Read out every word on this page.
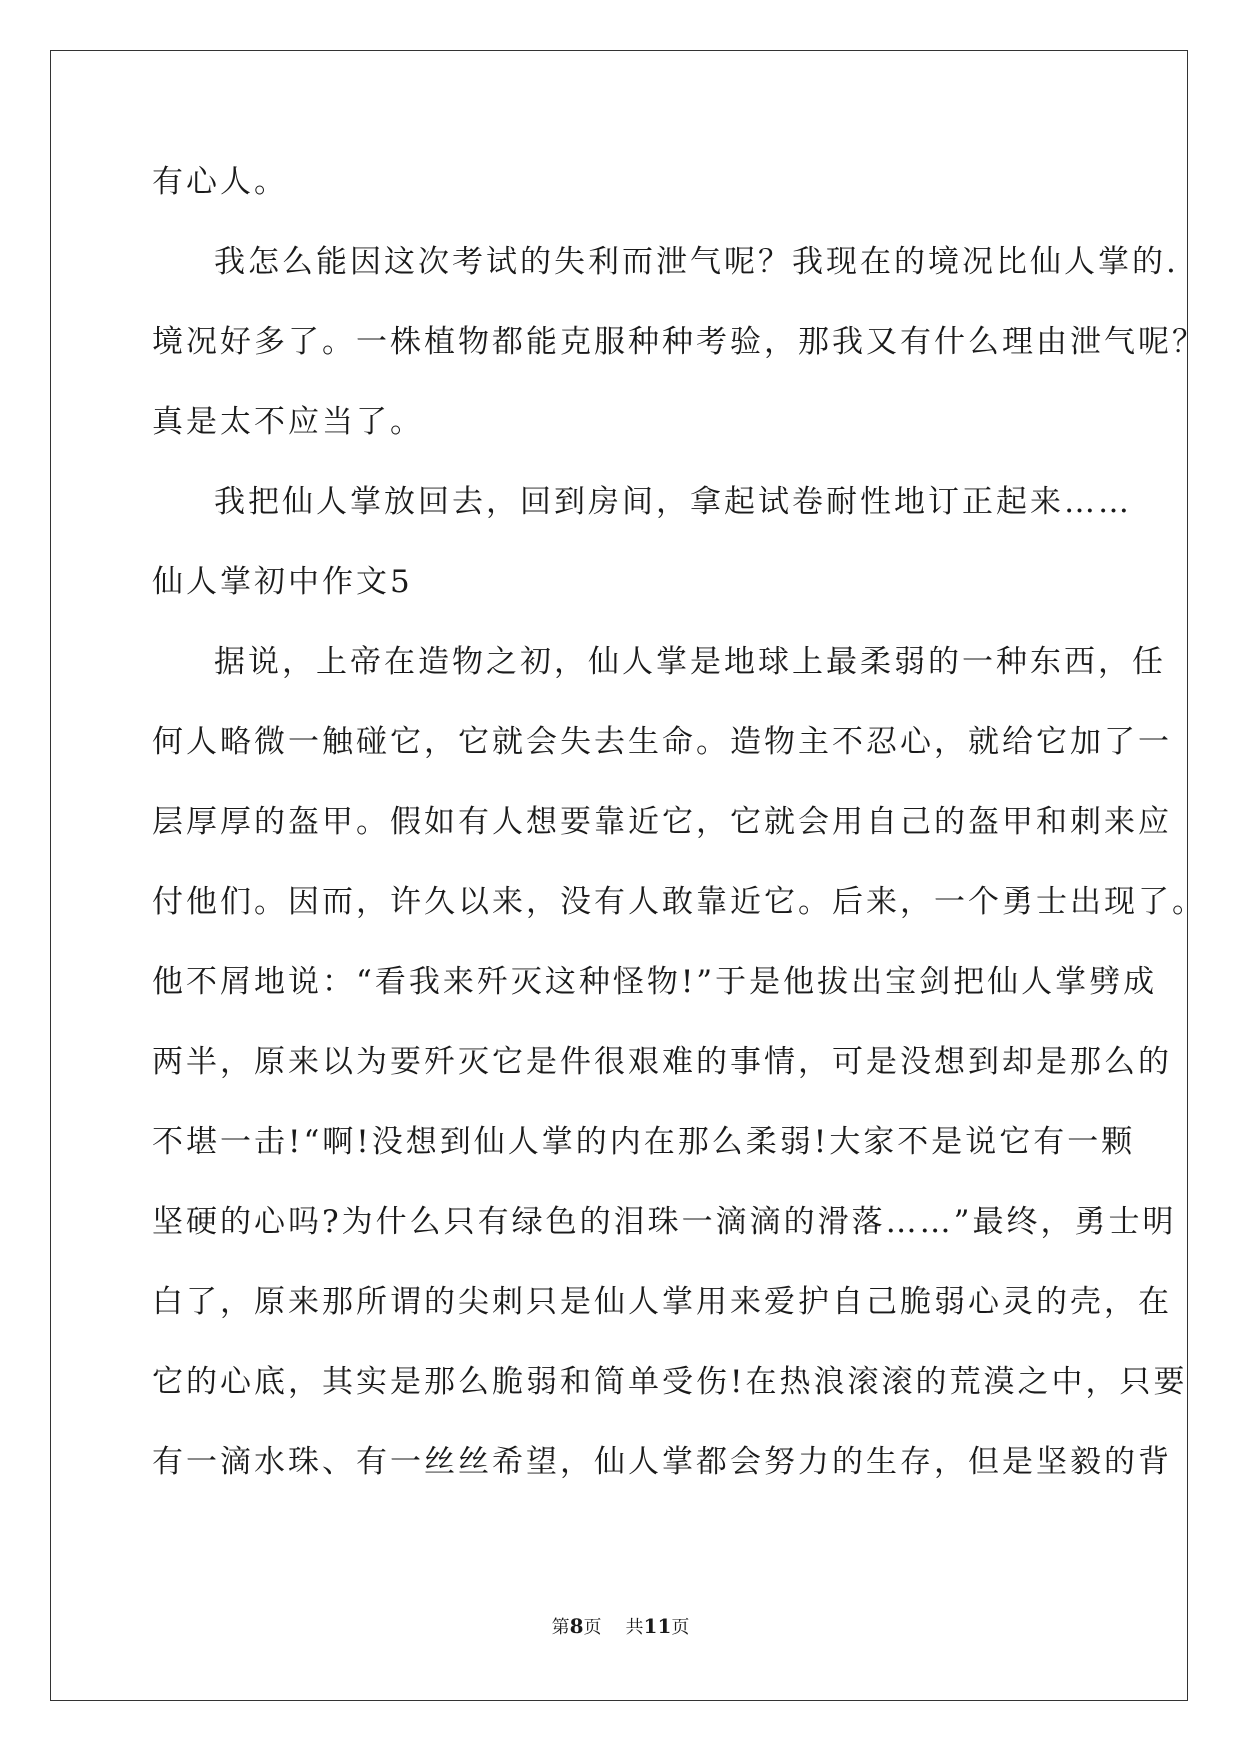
有心人。
我怎么能因这次考试的失利而泄气呢？我现在的境况比仙人掌的.
境况好多了。一株植物都能克服种种考验，那我又有什么理由泄气呢？
真是太不应当了。
我把仙人掌放回去，回到房间，拿起试卷耐性地订正起来……
仙人掌初中作文5
据说，上帝在造物之初，仙人掌是地球上最柔弱的一种东西，任
何人略微一触碰它，它就会失去生命。造物主不忍心，就给它加了一
层厚厚的盔甲。假如有人想要靠近它，它就会用自己的盔甲和刺来应
付他们。因而，许久以来，没有人敢靠近它。后来，一个勇士出现了。
他不屑地说：“看我来歼灭这种怪物!”于是他拔出宝剑把仙人掌劈成
两半，原来以为要歼灭它是件很艰难的事情，可是没想到却是那么的
不堪一击!“啊!没想到仙人掌的内在那么柔弱!大家不是说它有一颗
坚硬的心吗?为什么只有绿色的泪珠一滴滴的滑落……”最终，勇士明
白了，原来那所谓的尖刺只是仙人掌用来爱护自己脆弱心灵的壳，在
它的心底，其实是那么脆弱和简单受伤!在热浪滚滚的荒漠之中，只要
有一滴水珠、有一丝丝希望，仙人掌都会努力的生存，但是坚毅的背
第8页 共11页
